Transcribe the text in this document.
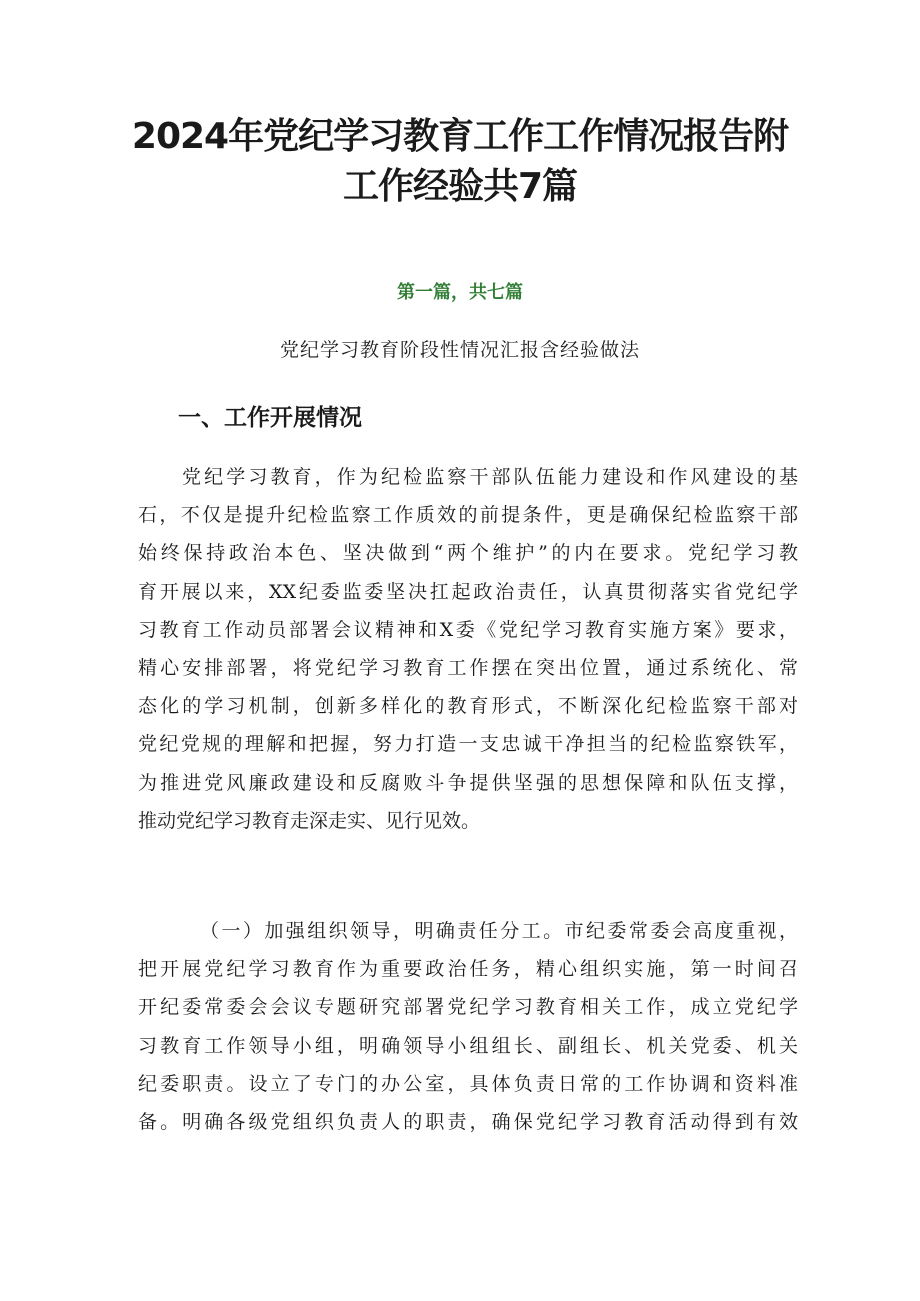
2024年党纪学习教育工作工作情况报告附
工作经验共7篇

第一篇，共七篇

党纪学习教育阶段性情况汇报含经验做法

一、工作开展情况
党纪学习教育，作为纪检监察干部队伍能力建设和作风建设的基
石，不仅是提升纪检监察工作质效的前提条件，更是确保纪检监察干部
始终保持政治本色、坚决做到“两个维护”的内在要求。党纪学习教
育开展以来，XX纪委监委坚决扛起政治责任，认真贯彻落实省党纪学
习教育工作动员部署会议精神和X委《党纪学习教育实施方案》要求，
精心安排部署，将党纪学习教育工作摆在突出位置，通过系统化、常
态化的学习机制，创新多样化的教育形式，不断深化纪检监察干部对
党纪党规的理解和把握，努力打造一支忠诚干净担当的纪检监察铁军，
为推进党风廉政建设和反腐败斗争提供坚强的思想保障和队伍支撑，
推动党纪学习教育走深走实、见行见效。
（一）加强组织领导，明确责任分工。市纪委常委会高度重视，
把开展党纪学习教育作为重要政治任务，精心组织实施，第一时间召
开纪委常委会会议专题研究部署党纪学习教育相关工作，成立党纪学
习教育工作领导小组，明确领导小组组长、副组长、机关党委、机关
纪委职责。设立了专门的办公室，具体负责日常的工作协调和资料准
备。明确各级党组织负责人的职责，确保党纪学习教育活动得到有效
